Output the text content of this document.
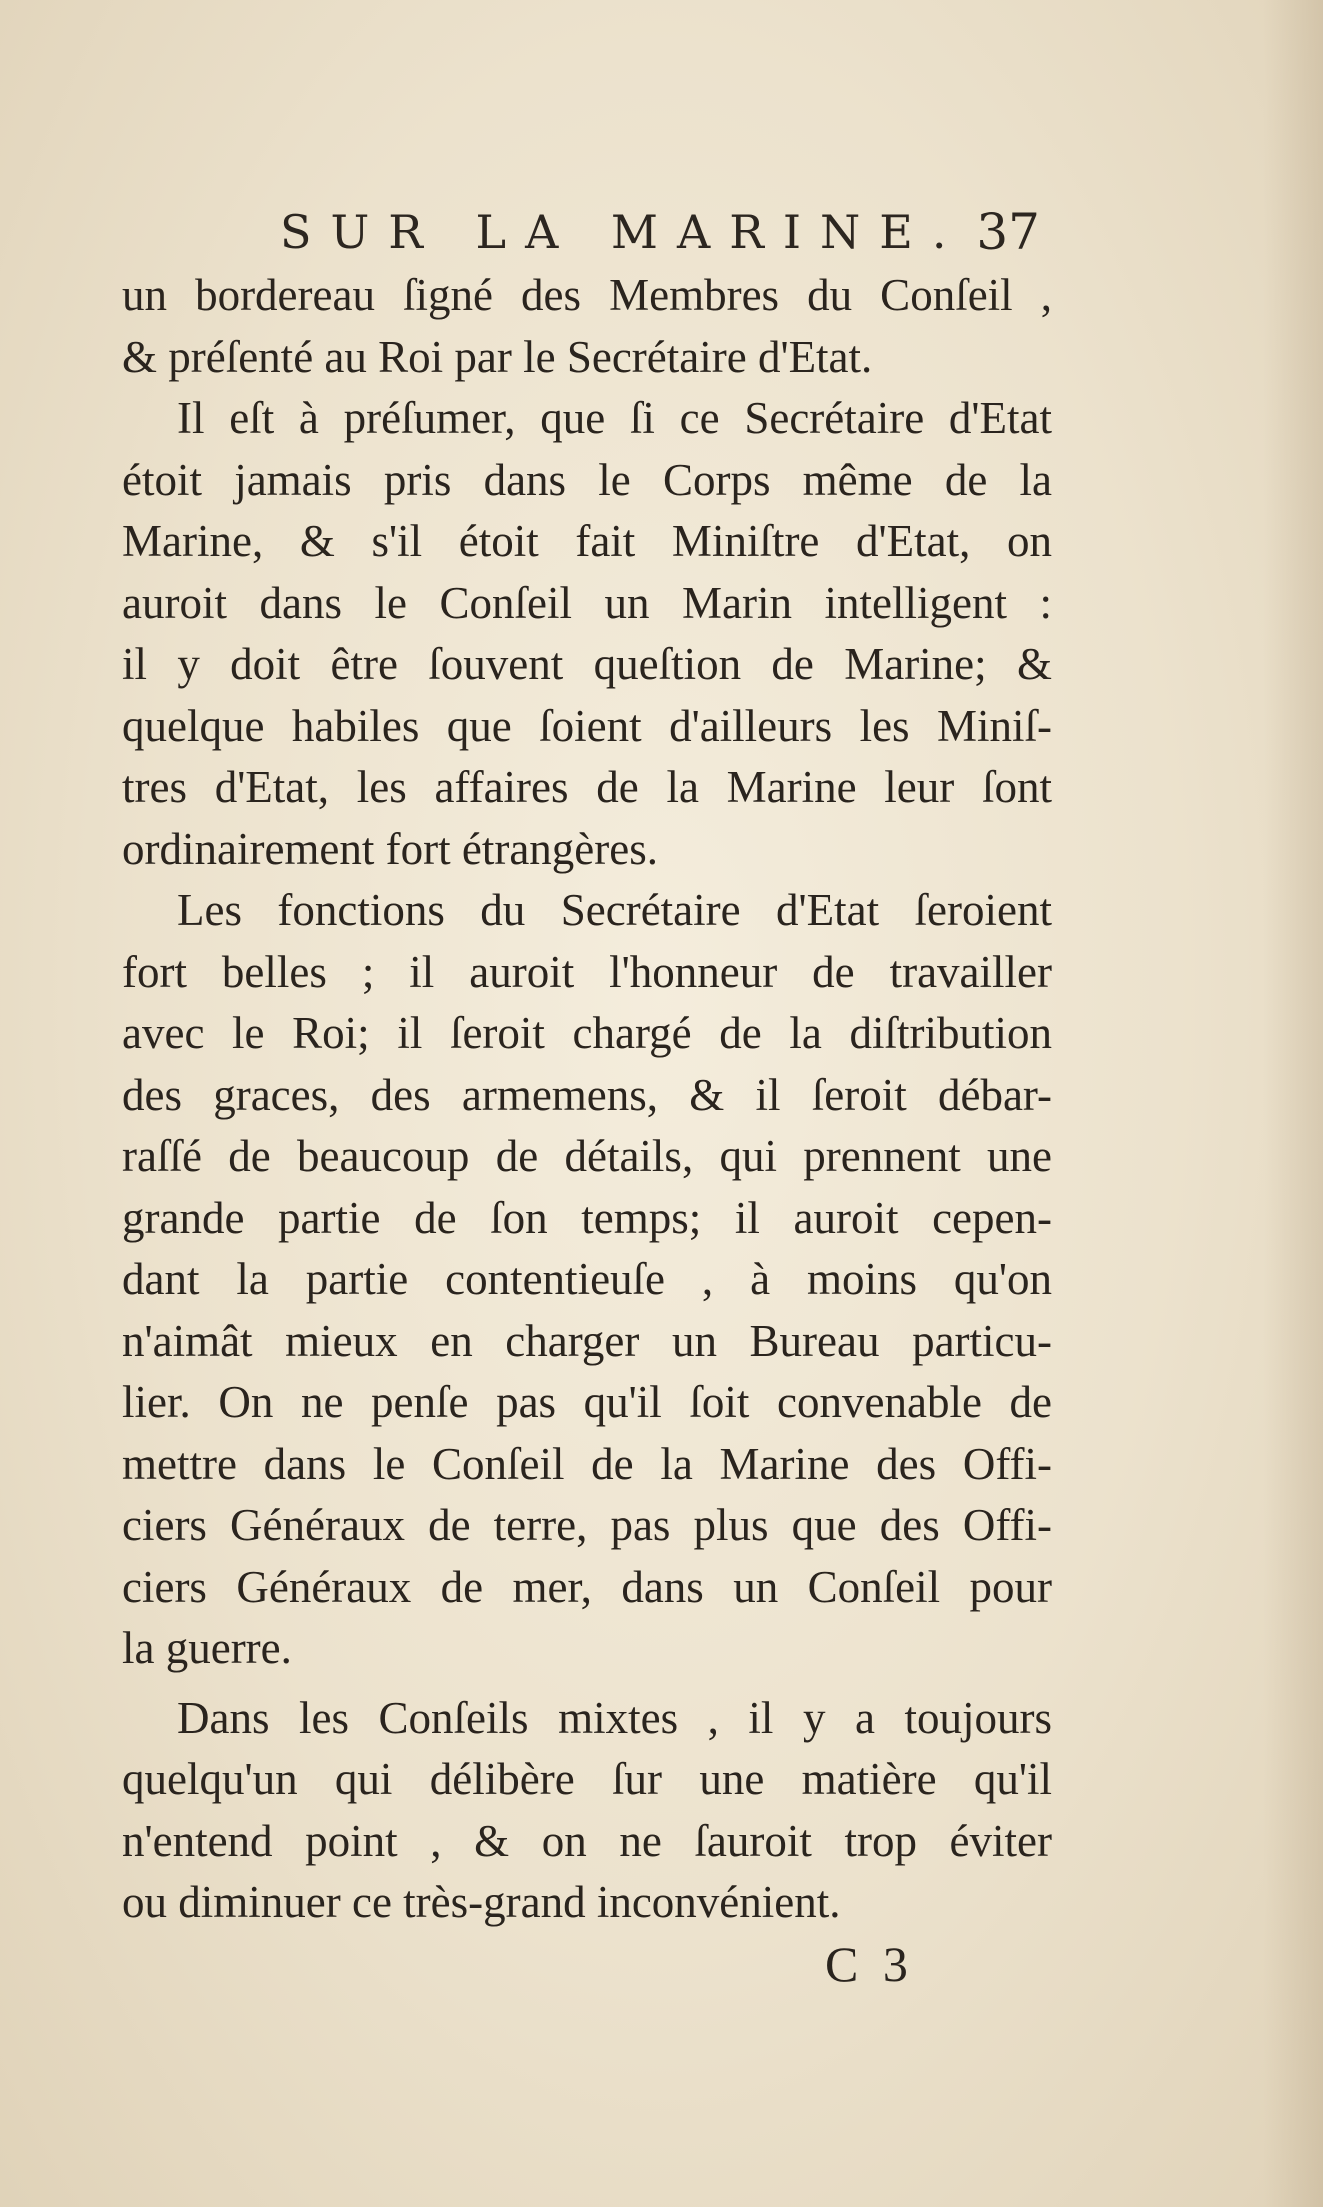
SUR LA MARINE. 37
un bordereau ſigné des Membres du Conſeil ,
& préſenté au Roi par le Secrétaire d'Etat.
Il eſt à préſumer, que ſi ce Secrétaire d'Etat
étoit jamais pris dans le Corps même de la
Marine, & s'il étoit fait Miniſtre d'Etat, on
auroit dans le Conſeil un Marin intelligent :
il y doit être ſouvent queſtion de Marine; &
quelque habiles que ſoient d'ailleurs les Miniſ-
tres d'Etat, les affaires de la Marine leur ſont
ordinairement fort étrangères.
Les fonctions du Secrétaire d'Etat ſeroient
fort belles ; il auroit l'honneur de travailler
avec le Roi; il ſeroit chargé de la diſtribution
des graces, des armemens, & il ſeroit débar-
raſſé de beaucoup de détails, qui prennent une
grande partie de ſon temps; il auroit cepen-
dant la partie contentieuſe , à moins qu'on
n'aimât mieux en charger un Bureau particu-
lier. On ne penſe pas qu'il ſoit convenable de
mettre dans le Conſeil de la Marine des Offi-
ciers Généraux de terre, pas plus que des Offi-
ciers Généraux de mer, dans un Conſeil pour
la guerre.
Dans les Conſeils mixtes , il y a toujours
quelqu'un qui délibère ſur une matière qu'il
n'entend point , & on ne ſauroit trop éviter
ou diminuer ce très-grand inconvénient.
C 3
